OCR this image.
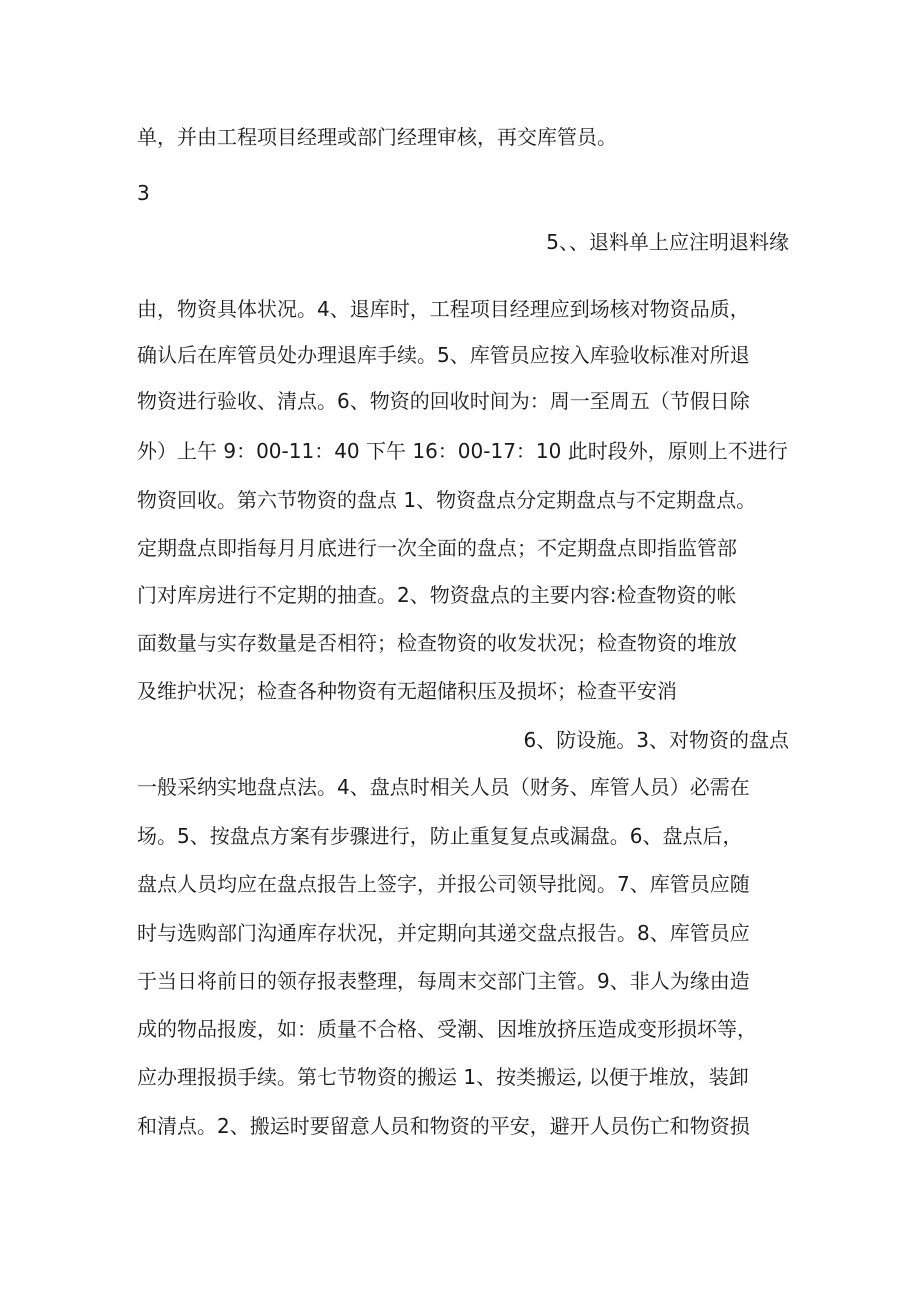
单，并由工程项目经理或部门经理审核，再交库管员。
3
5、、退料单上应注明退料缘
由，物资具体状况。4、退库时，工程项目经理应到场核对物资品质，
确认后在库管员处办理退库手续。5、库管员应按入库验收标准对所退
物资进行验收、清点。6、物资的回收时间为：周一至周五（节假日除
外）上午 9：00-11：40 下午 16：00-17：10 此时段外，原则上不进行
物资回收。第六节物资的盘点 1、物资盘点分定期盘点与不定期盘点。
定期盘点即指每月月底进行一次全面的盘点；不定期盘点即指监管部
门对库房进行不定期的抽查。2、物资盘点的主要内容:检查物资的帐
面数量与实存数量是否相符；检查物资的收发状况；检查物资的堆放
及维护状况；检查各种物资有无超储积压及损坏；检查平安消
6、防设施。3、对物资的盘点
一般采纳实地盘点法。4、盘点时相关人员（财务、库管人员）必需在
场。5、按盘点方案有步骤进行，防止重复复点或漏盘。6、盘点后，
盘点人员均应在盘点报告上签字，并报公司领导批阅。7、库管员应随
时与选购部门沟通库存状况，并定期向其递交盘点报告。8、库管员应
于当日将前日的领存报表整理，每周末交部门主管。9、非人为缘由造
成的物品报废，如：质量不合格、受潮、因堆放挤压造成变形损坏等，
应办理报损手续。第七节物资的搬运 1、按类搬运, 以便于堆放，装卸
和清点。2、搬运时要留意人员和物资的平安，避开人员伤亡和物资损
